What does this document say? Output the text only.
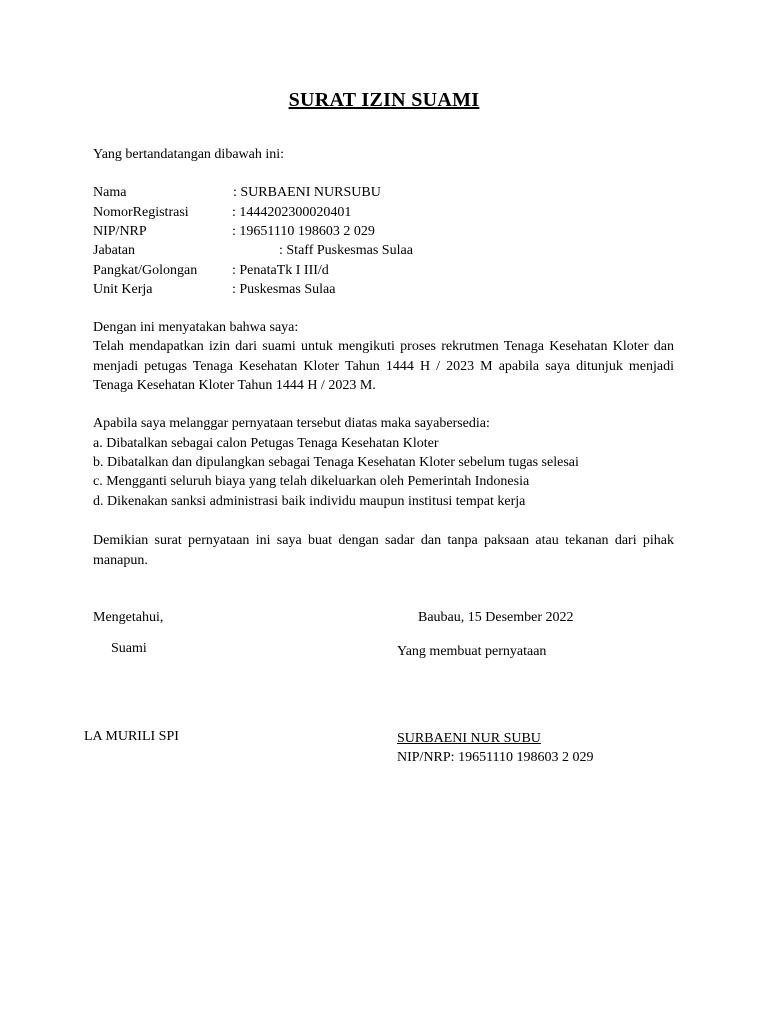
SURAT IZIN SUAMI
Yang bertandatangan dibawah ini:
Nama	: SURBAENI NURSUBU
NomorRegistrasi	: 1444202300020401
NIP/NRP	: 19651110 198603 2 029
Jabatan	: Staff Puskesmas Sulaa
Pangkat/Golongan : PenataTk I III/d
Unit Kerja	: Puskesmas Sulaa
Dengan ini menyatakan bahwa saya:
Telah mendapatkan izin dari suami untuk mengikuti proses rekrutmen Tenaga Kesehatan Kloter dan menjadi petugas Tenaga Kesehatan Kloter Tahun 1444 H / 2023 M apabila saya ditunjuk menjadi Tenaga Kesehatan Kloter Tahun 1444 H / 2023 M.
Apabila saya melanggar pernyataan tersebut diatas maka sayabersedia:
a. Dibatalkan sebagai calon Petugas Tenaga Kesehatan Kloter
b. Dibatalkan dan dipulangkan sebagai Tenaga Kesehatan Kloter sebelum tugas selesai
c. Mengganti seluruh biaya yang telah dikeluarkan oleh Pemerintah Indonesia
d. Dikenakan sanksi administrasi baik individu maupun institusi tempat kerja
Demikian surat pernyataan ini saya buat dengan sadar dan tanpa paksaan atau tekanan dari pihak manapun.
Mengetahui,	Baubau, 15 Desember 2022
Suami	Yang membuat pernyataan
LA MURILI SPI	SURBAENI NUR SUBU
NIP/NRP: 19651110 198603 2 029
